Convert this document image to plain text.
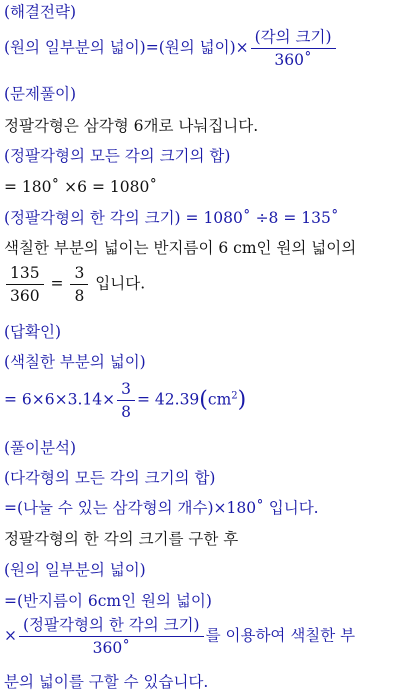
(해결전략)
(원의 일부분의 넓이)=(원의 넓이)× $\frac{\text{(각의 크기)}}{360˚}$
(문제풀이)
정팔각형은 삼각형 6개로 나눠집니다.
(정팔각형의 모든 각의 크기의 합)
= 180˚ ×6 = 1080˚
(정팔각형의 한 각의 크기) = 1080˚ ÷8 = 135˚
색칠한 부분의 넓이는 반지름이 6 cm인 원의 넓이의
$\frac{135}{360} = \frac{3}{8}$ 입니다.
(답확인)
(색칠한 부분의 넓이)
= $6\times 6\times 3.14\times \frac{3}{8} = 42.39(cm^2)$
(풀이분석)
(다각형의 모든 각의 크기의 합)
=(나눌 수 있는 삼각형의 개수)×180˚ 입니다.
정팔각형의 한 각의 크기를 구한 후
(원의 일부분의 넓이)
=(반지름이 6cm인 원의 넓이)
× $\frac{\text{(정팔각형의 한 각의 크기)}}{360˚}$ 를 이용하여 색칠한 부
분의 넓이를 구할 수 있습니다.
